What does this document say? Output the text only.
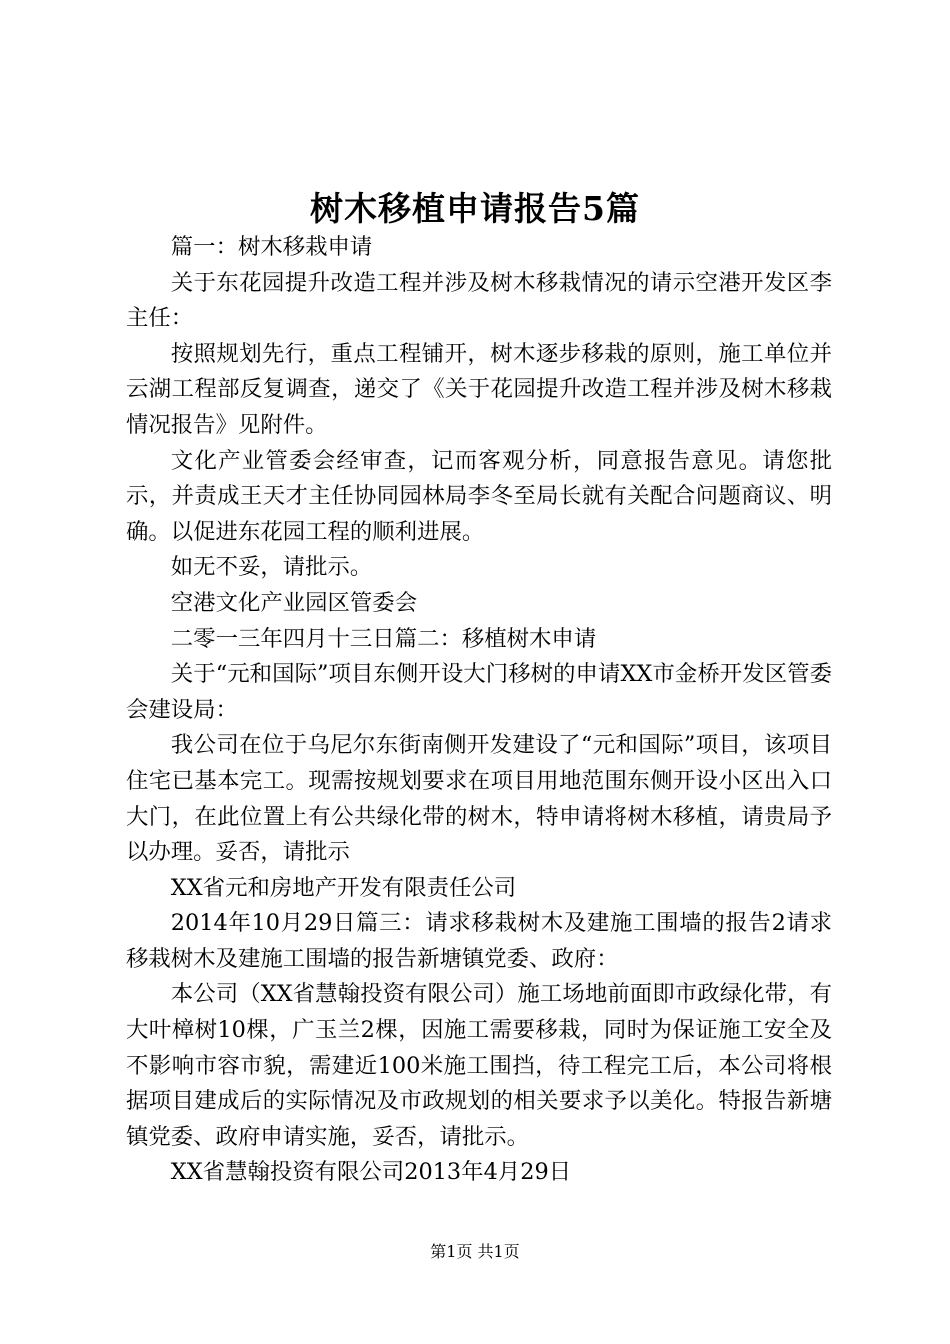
树木移植申请报告5篇

篇一：树木移栽申请

关于东花园提升改造工程并涉及树木移栽情况的请示空港开发区李主任：

按照规划先行，重点工程铺开，树木逐步移栽的原则，施工单位并云湖工程部反复调查，递交了《关于花园提升改造工程并涉及树木移栽情况报告》见附件。

文化产业管委会经审查，记而客观分析，同意报告意见。请您批示，并责成王天才主任协同园林局李冬至局长就有关配合问题商议、明确。以促进东花园工程的顺利进展。

如无不妥，请批示。

空港文化产业园区管委会

二零一三年四月十三日篇二：移植树木申请

关于“元和国际”项目东侧开设大门移树的申请XX市金桥开发区管委会建设局：

我公司在位于乌尼尔东街南侧开发建设了“元和国际”项目，该项目住宅已基本完工。现需按规划要求在项目用地范围东侧开设小区出入口大门，在此位置上有公共绿化带的树木，特申请将树木移植，请贵局予以办理。妥否，请批示

XX省元和房地产开发有限责任公司

2014年10月29日篇三：请求移栽树木及建施工围墙的报告2请求移栽树木及建施工围墙的报告新塘镇党委、政府：

本公司（XX省慧翰投资有限公司）施工场地前面即市政绿化带，有大叶樟树10棵，广玉兰2棵，因施工需要移栽，同时为保证施工安全及不影响市容市貌，需建近100米施工围挡，待工程完工后，本公司将根据项目建成后的实际情况及市政规划的相关要求予以美化。特报告新塘镇党委、政府申请实施，妥否，请批示。

XX省慧翰投资有限公司2013年4月29日

第1页 共1页
